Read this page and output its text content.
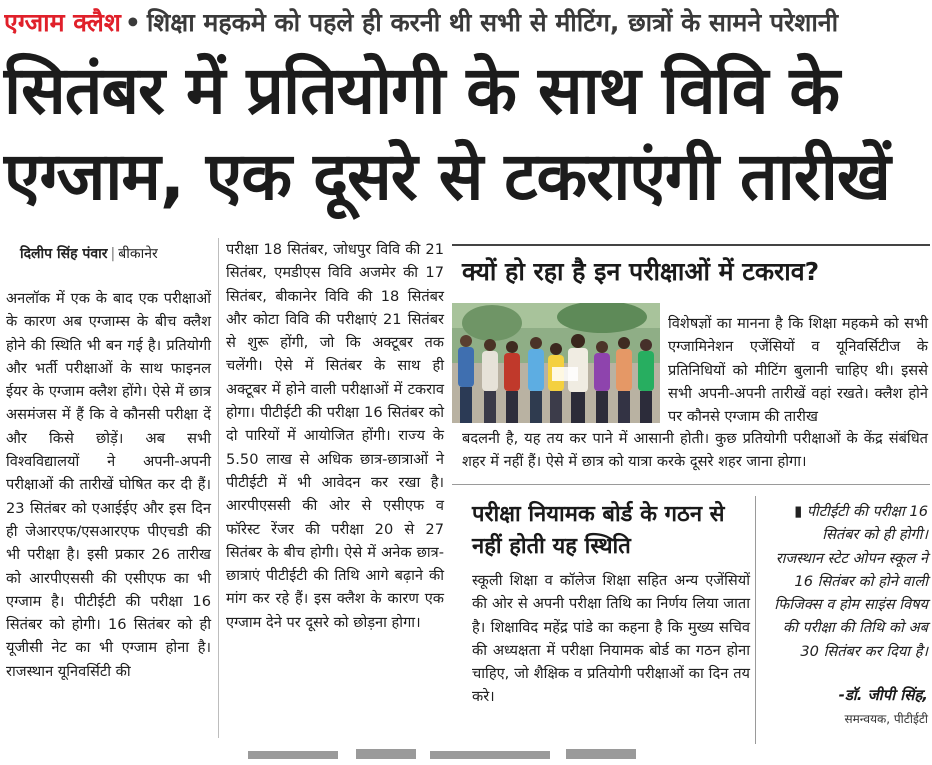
एग्जाम क्लैश • शिक्षा महकमे को पहले ही करनी थी सभी से मीटिंग, छात्रों के सामने परेशानी
सितंबर में प्रतियोगी के साथ विवि के
एग्जाम, एक दूसरे से टकराएंगी तारीखें
दिलीप सिंह पंवार | बीकानेर
अनलॉक में एक के बाद एक परीक्षाओं के कारण अब एग्जाम्स के बीच क्लैश होने की स्थिति भी बन गई है। प्रतियोगी और भर्ती परीक्षाओं के साथ फाइनल ईयर के एग्जाम क्लैश होंगे। ऐसे में छात्र असमंजस में हैं कि वे कौनसी परीक्षा दें और किसे छोड़ें। अब सभी विश्वविद्यालयों ने अपनी-अपनी परीक्षाओं की तारीखें घोषित कर दी हैं। 23 सितंबर को एआईईए और इस दिन ही जेआरएफ/एसआरएफ पीएचडी की भी परीक्षा है। इसी प्रकार 26 तारीख को आरपीएससी की एसीएफ का भी एग्जाम है। पीटीईटी की परीक्षा 16 सितंबर को होगी। 16 सितंबर को ही यूजीसी नेट का भी एग्जाम होना है। राजस्थान यूनिवर्सिटी की
परीक्षा 18 सितंबर, जोधपुर विवि की 21 सितंबर, एमडीएस विवि अजमेर की 17 सितंबर, बीकानेर विवि की 18 सितंबर और कोटा विवि की परीक्षाएं 21 सितंबर से शुरू होंगी, जो कि अक्टूबर तक चलेंगी। ऐसे में सितंबर के साथ ही अक्टूबर में होने वाली परीक्षाओं में टकराव होगा। पीटीईटी की परीक्षा 16 सितंबर को दो पारियों में आयोजित होंगी। राज्य के 5.50 लाख से अधिक छात्र-छात्राओं ने पीटीईटी में भी आवेदन कर रखा है। आरपीएससी की ओर से एसीएफ व फॉरेस्ट रेंजर की परीक्षा 20 से 27 सितंबर के बीच होगी। ऐसे में अनेक छात्र-छात्राएं पीटीईटी की तिथि आगे बढ़ाने की मांग कर रहे हैं। इस क्लैश के कारण एक एग्जाम देने पर दूसरे को छोड़ना होगा।
क्यों हो रहा है इन परीक्षाओं में टकराव?
विशेषज्ञों का मानना है कि शिक्षा महकमे को सभी एग्जामिनेशन एजेंसियों व यूनिवर्सिटीज के प्रतिनिधियों को मीटिंग बुलानी चाहिए थी। इससे सभी अपनी-अपनी तारीखें वहां रखते। क्लैश होने पर कौनसे एग्जाम की तारीख
बदलनी है, यह तय कर पाने में आसानी होती। कुछ प्रतियोगी परीक्षाओं के केंद्र संबंधित शहर में नहीं हैं। ऐसे में छात्र को यात्रा करके दूसरे शहर जाना होगा।
परीक्षा नियामक बोर्ड के गठन से नहीं होती यह स्थिति
स्कूली शिक्षा व कॉलेज शिक्षा सहित अन्य एजेंसियों की ओर से अपनी परीक्षा तिथि का निर्णय लिया जाता है। शिक्षाविद महेंद्र पांडे का कहना है कि मुख्य सचिव की अध्यक्षता में परीक्षा नियामक बोर्ड का गठन होना चाहिए, जो शैक्षिक व प्रतियोगी परीक्षाओं का दिन तय करे।
▮ पीटीईटी की परीक्षा 16 सितंबर को ही होगी। राजस्थान स्टेट ओपन स्कूल ने 16 सितंबर को होने वाली फिजिक्स व होम साइंस विषय की परीक्षा की तिथि को अब 30 सितंबर कर दिया है।
-डॉ. जीपी सिंह,
समन्वयक, पीटीईटी
